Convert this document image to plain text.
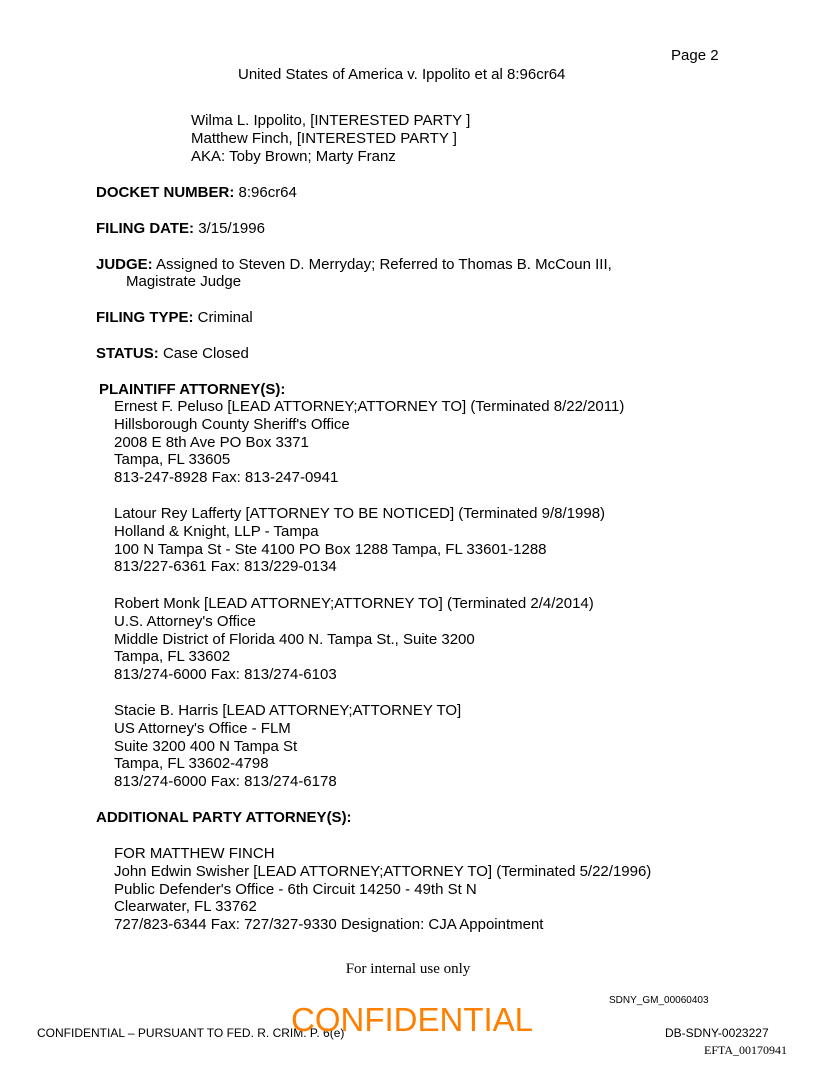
Page 2
United States of America v. Ippolito et al 8:96cr64
Wilma L. Ippolito, [INTERESTED PARTY ]
Matthew Finch, [INTERESTED PARTY ]
AKA: Toby Brown; Marty Franz
DOCKET NUMBER: 8:96cr64
FILING DATE: 3/15/1996
JUDGE: Assigned to Steven D. Merryday; Referred to Thomas B. McCoun III,
Magistrate Judge
FILING TYPE: Criminal
STATUS: Case Closed
PLAINTIFF ATTORNEY(S):
Ernest F. Peluso [LEAD ATTORNEY;ATTORNEY TO] (Terminated 8/22/2011)
Hillsborough County Sheriff's Office
2008 E 8th Ave PO Box 3371
Tampa, FL 33605
813-247-8928 Fax: 813-247-0941
Latour Rey Lafferty [ATTORNEY TO BE NOTICED] (Terminated 9/8/1998)
Holland & Knight, LLP - Tampa
100 N Tampa St - Ste 4100 PO Box 1288 Tampa, FL 33601-1288
813/227-6361 Fax: 813/229-0134
Robert Monk [LEAD ATTORNEY;ATTORNEY TO] (Terminated 2/4/2014)
U.S. Attorney's Office
Middle District of Florida 400 N. Tampa St., Suite 3200
Tampa, FL 33602
813/274-6000 Fax: 813/274-6103
Stacie B. Harris [LEAD ATTORNEY;ATTORNEY TO]
US Attorney's Office - FLM
Suite 3200 400 N Tampa St
Tampa, FL 33602-4798
813/274-6000 Fax: 813/274-6178
ADDITIONAL PARTY ATTORNEY(S):
FOR MATTHEW FINCH
John Edwin Swisher [LEAD ATTORNEY;ATTORNEY TO] (Terminated 5/22/1996)
Public Defender's Office - 6th Circuit 14250 - 49th St N
Clearwater, FL 33762
727/823-6344 Fax: 727/327-9330 Designation: CJA Appointment
For internal use only
SDNY_GM_00060403
CONFIDENTIAL – PURSUANT TO FED. R. CRIM. P. 6(e)
CONFIDENTIAL	DB-SDNY-0023227
EFTA_00170941
